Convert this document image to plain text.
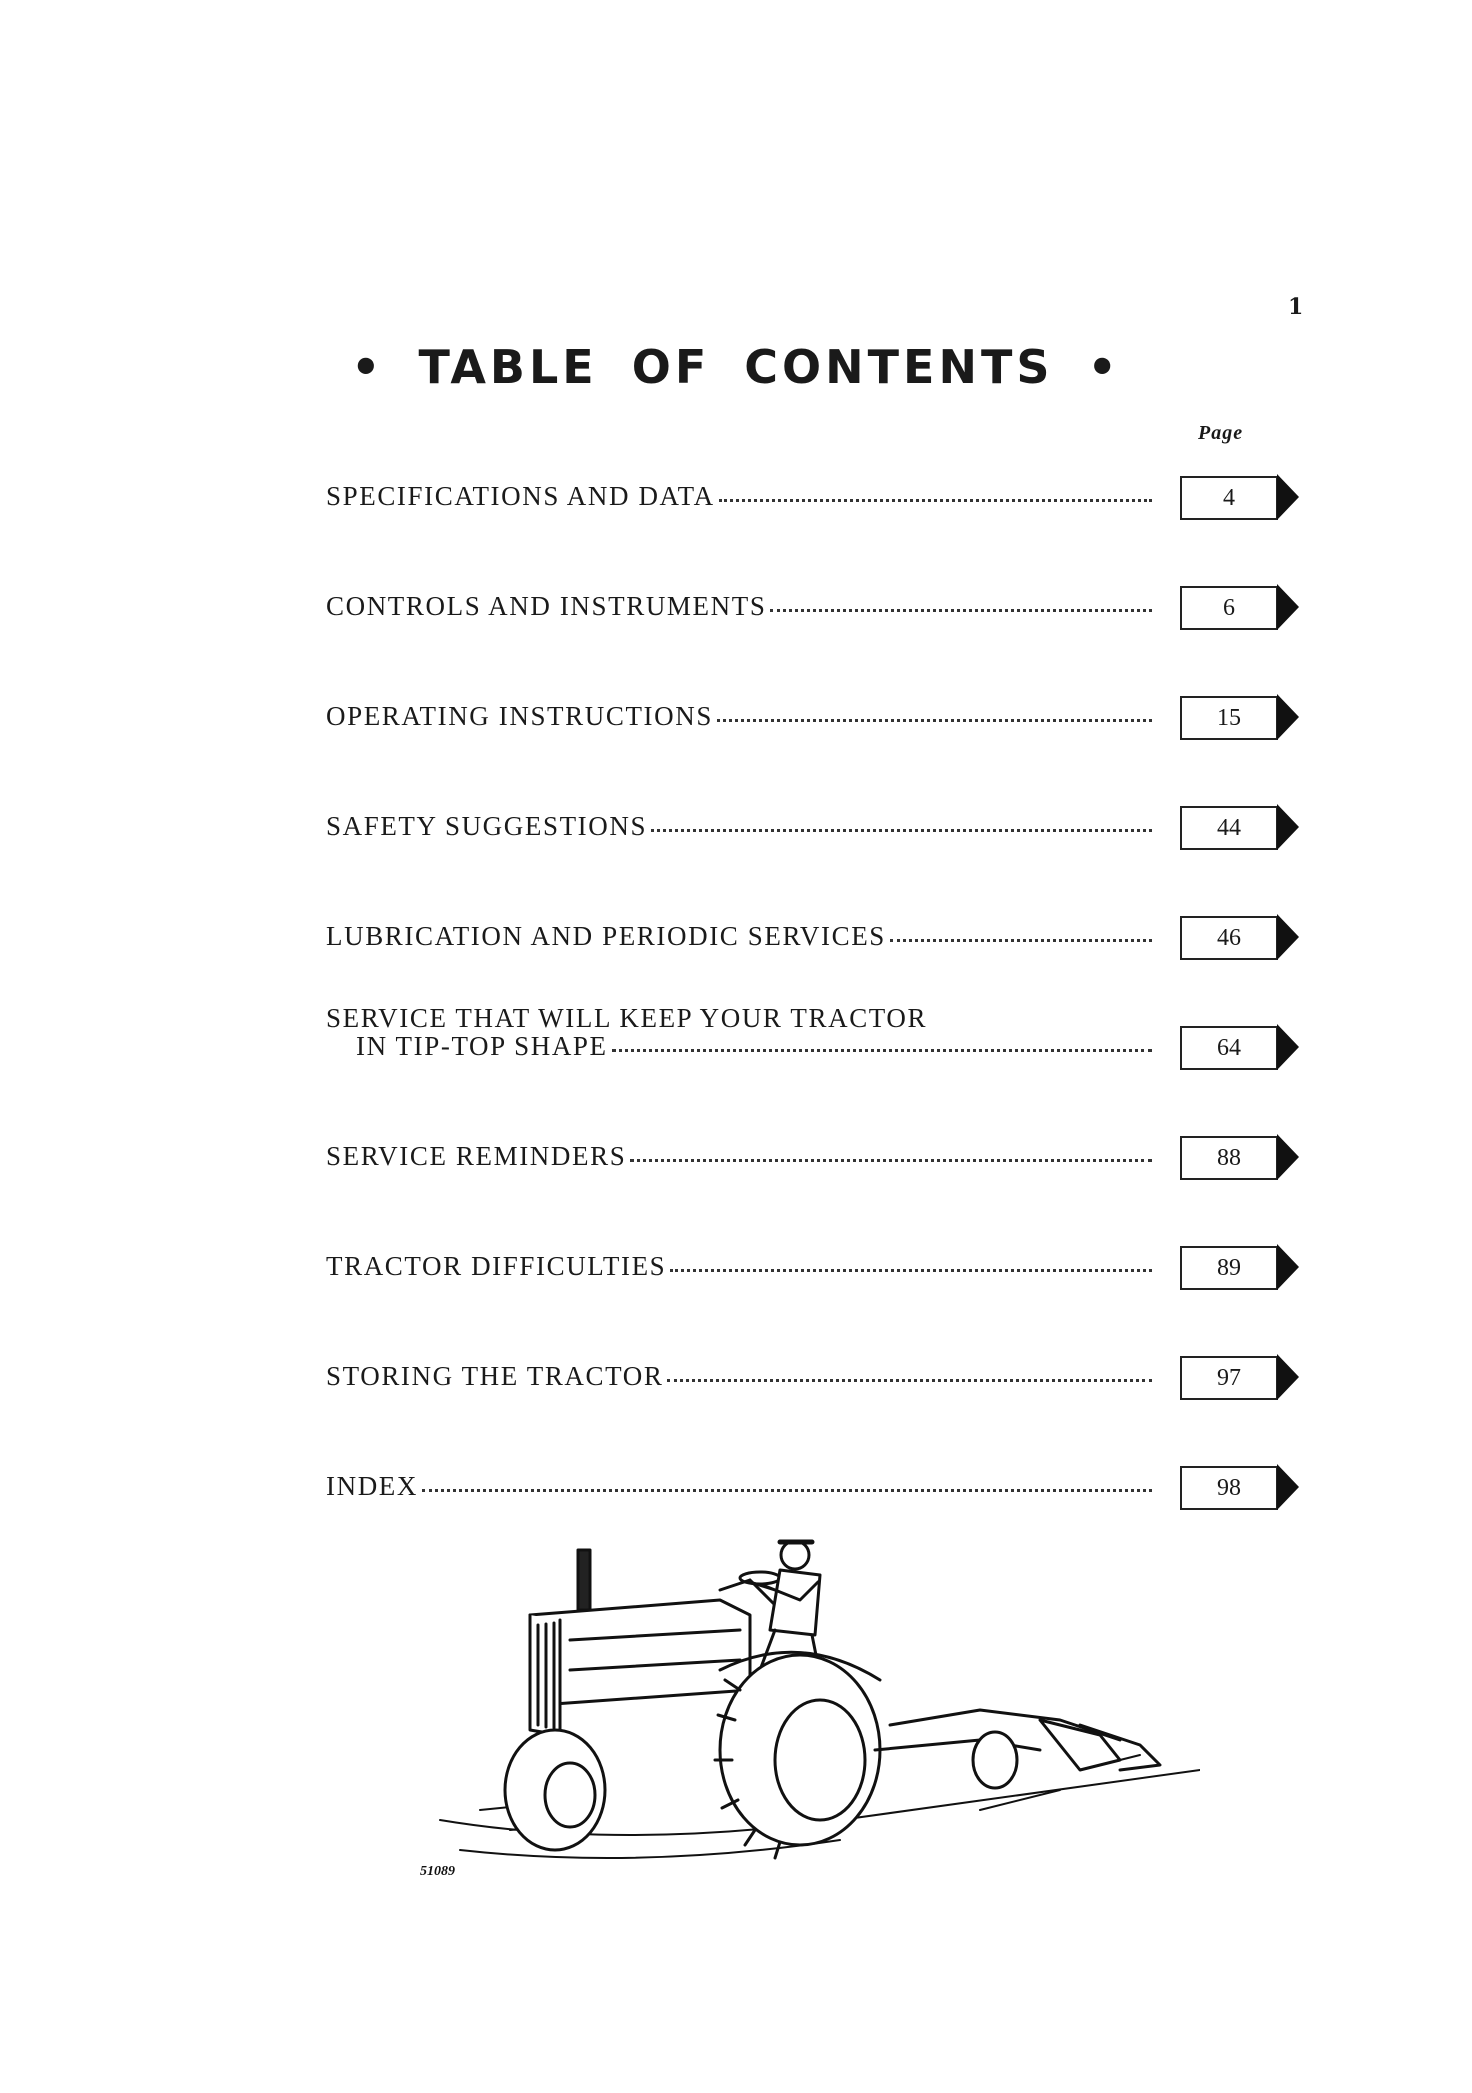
1
• TABLE OF CONTENTS •
Page
SPECIFICATIONS AND DATA	4
CONTROLS AND INSTRUMENTS	6
OPERATING INSTRUCTIONS	15
SAFETY SUGGESTIONS	44
LUBRICATION AND PERIODIC SERVICES	46
SERVICE THAT WILL KEEP YOUR TRACTOR
IN TIP-TOP SHAPE	64
SERVICE REMINDERS	88
TRACTOR DIFFICULTIES	89
STORING THE TRACTOR	97
INDEX	98
51089
